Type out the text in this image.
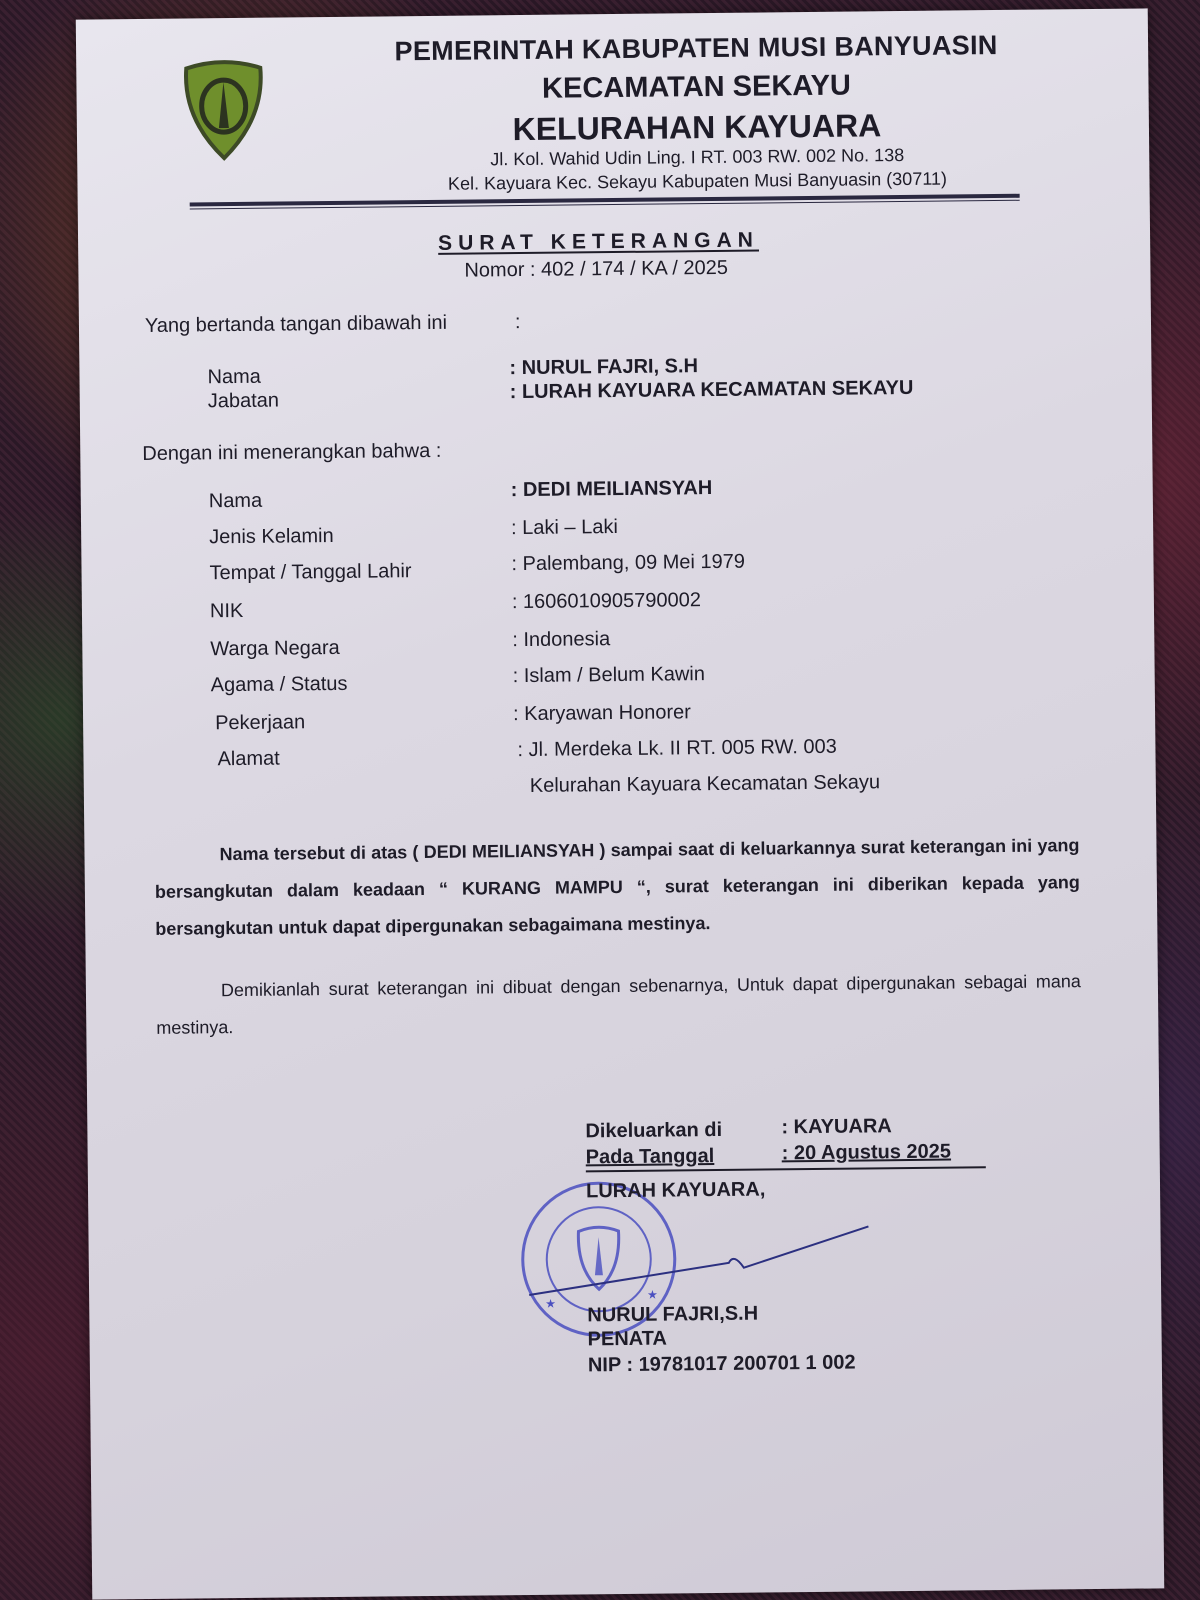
PEMERINTAH KABUPATEN MUSI BANYUASIN
KECAMATAN SEKAYU
KELURAHAN KAYUARA
Jl. Kol. Wahid Udin Ling. I RT. 003 RW. 002 No. 138
Kel. Kayuara Kec. Sekayu Kabupaten Musi Banyuasin (30711)
SURAT KETERANGAN
Nomor : 402 / 174 / KA / 2025
Yang bertanda tangan dibawah ini	:
Nama	: NURUL FAJRI, S.H
Jabatan	: LURAH KAYUARA KECAMATAN SEKAYU
Dengan ini menerangkan bahwa :
Nama	: DEDI MEILIANSYAH
Jenis Kelamin	: Laki – Laki
Tempat / Tanggal Lahir	: Palembang, 09 Mei 1979
NIK	: 1606010905790002
Warga Negara	: Indonesia
Agama / Status	: Islam / Belum Kawin
Pekerjaan	: Karyawan Honorer
Alamat	: Jl. Merdeka Lk. II RT. 005 RW. 003
Kelurahan Kayuara Kecamatan Sekayu
Nama tersebut di atas ( DEDI MEILIANSYAH ) sampai saat di keluarkannya surat keterangan ini yang bersangkutan dalam keadaan “ KURANG MAMPU “, surat keterangan ini diberikan kepada yang bersangkutan untuk dapat dipergunakan sebagaimana mestinya.
Demikianlah surat keterangan ini dibuat dengan sebenarnya, Untuk dapat dipergunakan sebagai mana mestinya.
Dikeluarkan di	: KAYUARA
Pada Tanggal	: 20 Agustus 2025
★
★
LURAH KAYUARA,
NURUL FAJRI,S.H
PENATA
NIP : 19781017 200701 1 002
